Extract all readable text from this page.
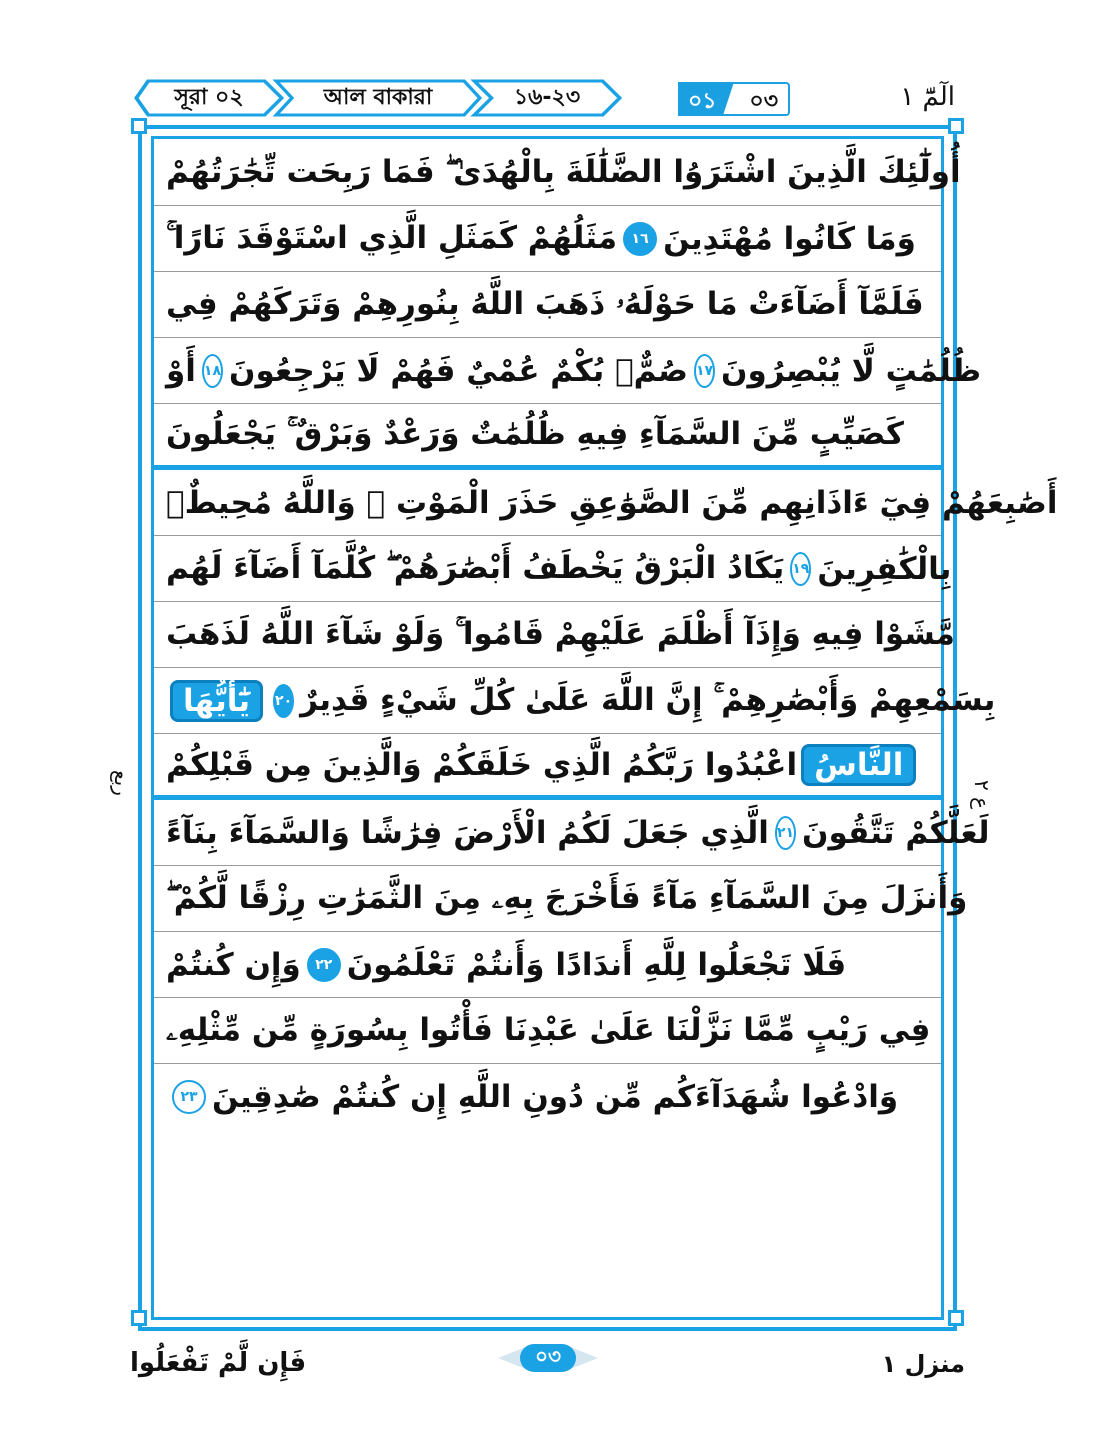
সূরা ০২	আল বাকারা	১৬-২৩	০১ ০৩	الٓمّٓ ١
أُولَٰٓئِكَ الَّذِينَ اشْتَرَوُا الضَّلَٰلَةَ بِالْهُدَىٰ ۖ فَمَا رَبِحَت تِّجَٰرَتُهُمْ
وَمَا كَانُوا مُهْتَدِينَ
١٦
مَثَلُهُمْ كَمَثَلِ الَّذِي اسْتَوْقَدَ نَارًا ۚ
فَلَمَّآ أَضَآءَتْ مَا حَوْلَهُۥ ذَهَبَ اللَّهُ بِنُورِهِمْ وَتَرَكَهُمْ فِي
ظُلُمَٰتٍ لَّا يُبْصِرُونَ
١٧
صُمٌّۢ بُكْمٌ عُمْيٌ فَهُمْ لَا يَرْجِعُونَ
١٨
أَوْ
كَصَيِّبٍ مِّنَ السَّمَآءِ فِيهِ ظُلُمَٰتٌ وَرَعْدٌ وَبَرْقٌ ۚ يَجْعَلُونَ
أَصَٰبِعَهُمْ فِيٓ ءَاذَانِهِم مِّنَ الصَّوَٰعِقِ حَذَرَ الْمَوْتِ ۚ وَاللَّهُ مُحِيطٌۢ
بِالْكَٰفِرِينَ
١٩
يَكَادُ الْبَرْقُ يَخْطَفُ أَبْصَٰرَهُمْ ۖ كُلَّمَآ أَضَآءَ لَهُم
مَّشَوْا فِيهِ وَإِذَآ أَظْلَمَ عَلَيْهِمْ قَامُوا ۚ وَلَوْ شَآءَ اللَّهُ لَذَهَبَ
بِسَمْعِهِمْ وَأَبْصَٰرِهِمْ ۚ إِنَّ اللَّهَ عَلَىٰ كُلِّ شَيْءٍ قَدِيرٌ
٢٠
يَٰٓأَيُّهَا
النَّاسُ
اعْبُدُوا رَبَّكُمُ الَّذِي خَلَقَكُمْ وَالَّذِينَ مِن قَبْلِكُمْ
لَعَلَّكُمْ تَتَّقُونَ
٢١
الَّذِي جَعَلَ لَكُمُ الْأَرْضَ فِرَٰشًا وَالسَّمَآءَ بِنَآءً
وَأَنزَلَ مِنَ السَّمَآءِ مَآءً فَأَخْرَجَ بِهِۦ مِنَ الثَّمَرَٰتِ رِزْقًا لَّكُمْ ۖ
فَلَا تَجْعَلُوا لِلَّهِ أَندَادًا وَأَنتُمْ تَعْلَمُونَ
٢٢
وَإِن كُنتُمْ
فِي رَيْبٍ مِّمَّا نَزَّلْنَا عَلَىٰ عَبْدِنَا فَأْتُوا بِسُورَةٍ مِّن مِّثْلِهِۦ
وَادْعُوا شُهَدَآءَكُم مِّن دُونِ اللَّهِ إِن كُنتُمْ صَٰدِقِينَ
٢٣
ربع	ع ٢
فَإِن لَّمْ تَفْعَلُوا	০৩	منزل ١
